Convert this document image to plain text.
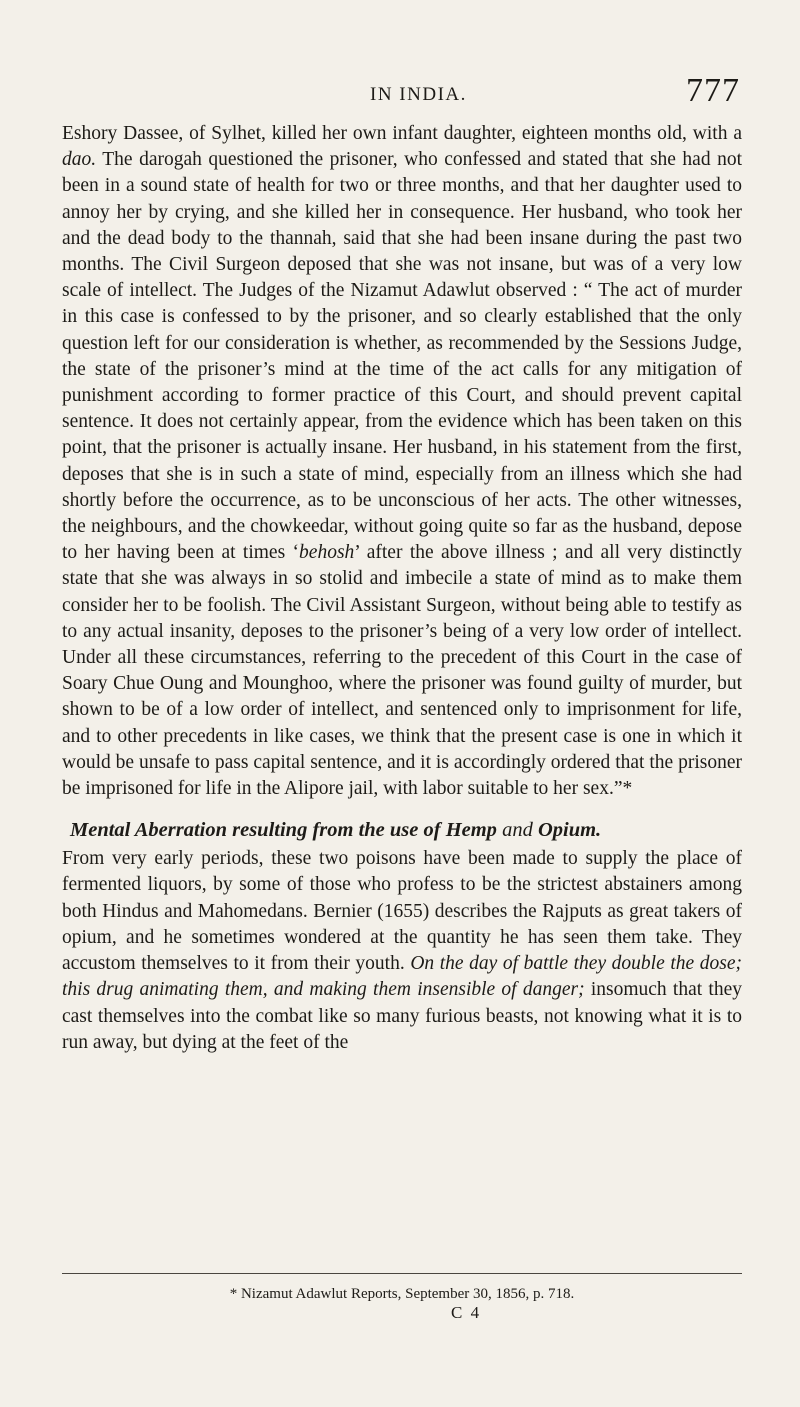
IN INDIA.	777

Eshory Dassee, of Sylhet, killed her own infant daughter, eighteen months old, with a dao. The darogah questioned the prisoner, who confessed and stated that she had not been in a sound state of health for two or three months, and that her daughter used to annoy her by crying, and she killed her in consequence. Her husband, who took her and the dead body to the thannah, said that she had been insane during the past two months. The Civil Surgeon deposed that she was not insane, but was of a very low scale of intellect. The Judges of the Nizamut Adawlut observed : “ The act of murder in this case is confessed to by the prisoner, and so clearly established that the only question left for our consideration is whether, as recommended by the Sessions Judge, the state of the prisoner’s mind at the time of the act calls for any mitigation of punishment according to former practice of this Court, and should prevent capital sentence. It does not certainly appear, from the evidence which has been taken on this point, that the prisoner is actually insane. Her husband, in his statement from the first, deposes that she is in such a state of mind, especially from an illness which she had shortly before the occurrence, as to be unconscious of her acts. The other witnesses, the neighbours, and the chowkeedar, without going quite so far as the husband, depose to her having been at times ‘behosh’ after the above illness ; and all very distinctly state that she was always in so stolid and imbecile a state of mind as to make them consider her to be foolish. The Civil Assistant Surgeon, without being able to testify as to any actual insanity, deposes to the prisoner’s being of a very low order of intellect. Under all these circumstances, referring to the precedent of this Court in the case of Soary Chue Oung and Mounghoo, where the prisoner was found guilty of murder, but shown to be of a low order of intellect, and sentenced only to imprisonment for life, and to other precedents in like cases, we think that the present case is one in which it would be unsafe to pass capital sentence, and it is accordingly ordered that the prisoner be imprisoned for life in the Alipore jail, with labor suitable to her sex.”*

Mental Aberration resulting from the use of Hemp and Opium.

From very early periods, these two poisons have been made to supply the place of fermented liquors, by some of those who profess to be the strictest abstainers among both Hindus and Mahomedans. Bernier (1655) describes the Rajputs as great takers of opium, and he sometimes wondered at the quantity he has seen them take. They accustom themselves to it from their youth. On the day of battle they double the dose; this drug animating them, and making them insensible of danger; insomuch that they cast themselves into the combat like so many furious beasts, not knowing what it is to run away, but dying at the feet of the

* Nizamut Adawlut Reports, September 30, 1856, p. 718.
C 4
